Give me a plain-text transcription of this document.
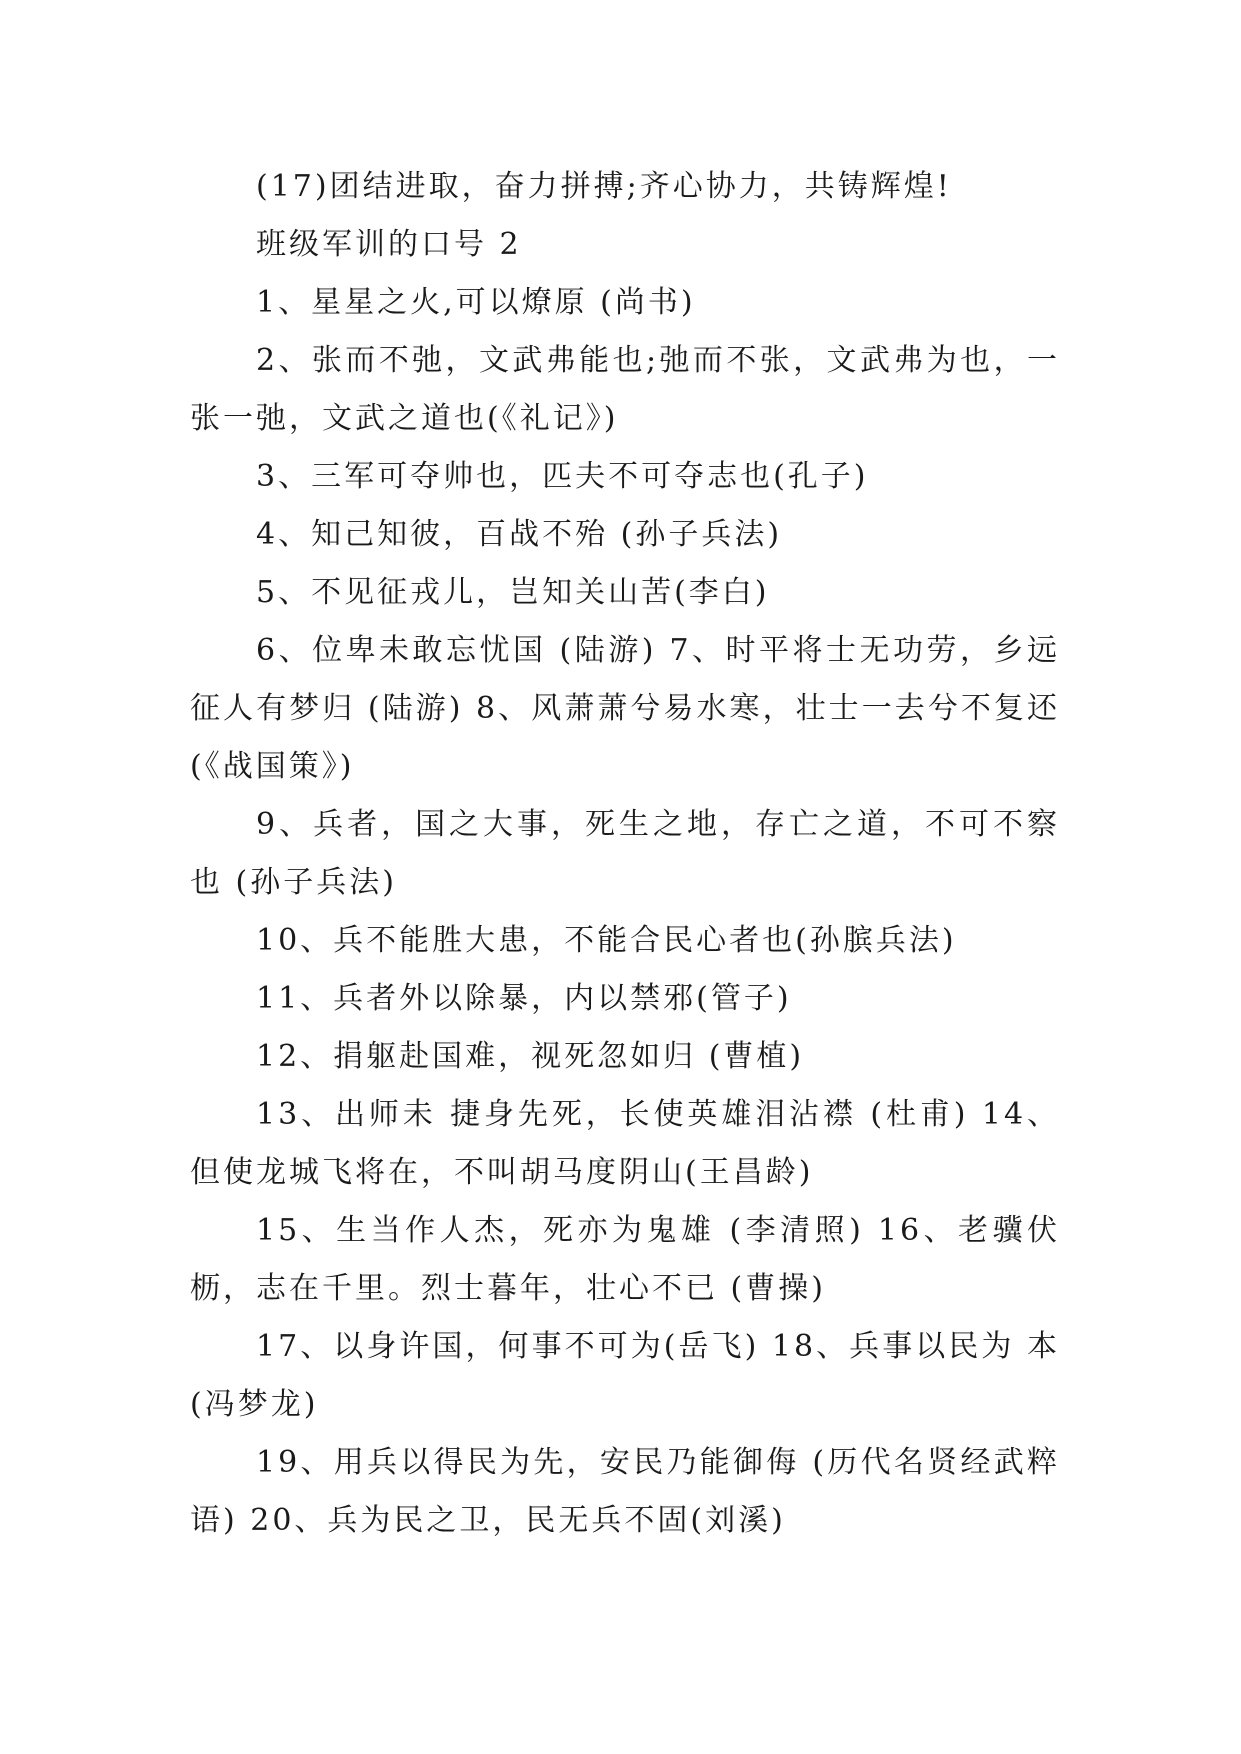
(17)团结进取，奋力拼搏;齐心协力，共铸辉煌!

班级军训的口号 2

1、星星之火,可以燎原 (尚书)

2、张而不弛，文武弗能也;弛而不张，文武弗为也，一张一弛，文武之道也(《礼记》)

3、三军可夺帅也，匹夫不可夺志也(孔子)

4、知己知彼，百战不殆 (孙子兵法)

5、不见征戎儿，岂知关山苦(李白)

6、位卑未敢忘忧国 (陆游) 7、时平将士无功劳，乡远征人有梦归 (陆游) 8、风萧萧兮易水寒，壮士一去兮不复还 (《战国策》)

9、兵者，国之大事，死生之地，存亡之道，不可不察也 (孙子兵法)

10、兵不能胜大患，不能合民心者也(孙膑兵法)

11、兵者外以除暴，内以禁邪(管子)

12、捐躯赴国难，视死忽如归 (曹植)

13、出师未 捷身先死，长使英雄泪沾襟 (杜甫) 14、但使龙城飞将在，不叫胡马度阴山(王昌龄)

15、生当作人杰，死亦为鬼雄 (李清照) 16、老骥伏枥，志在千里。烈士暮年，壮心不已 (曹操)

17、以身许国，何事不可为(岳飞) 18、兵事以民为 本(冯梦龙)

19、用兵以得民为先，安民乃能御侮 (历代名贤经武粹语) 20、兵为民之卫，民无兵不固(刘溪)
